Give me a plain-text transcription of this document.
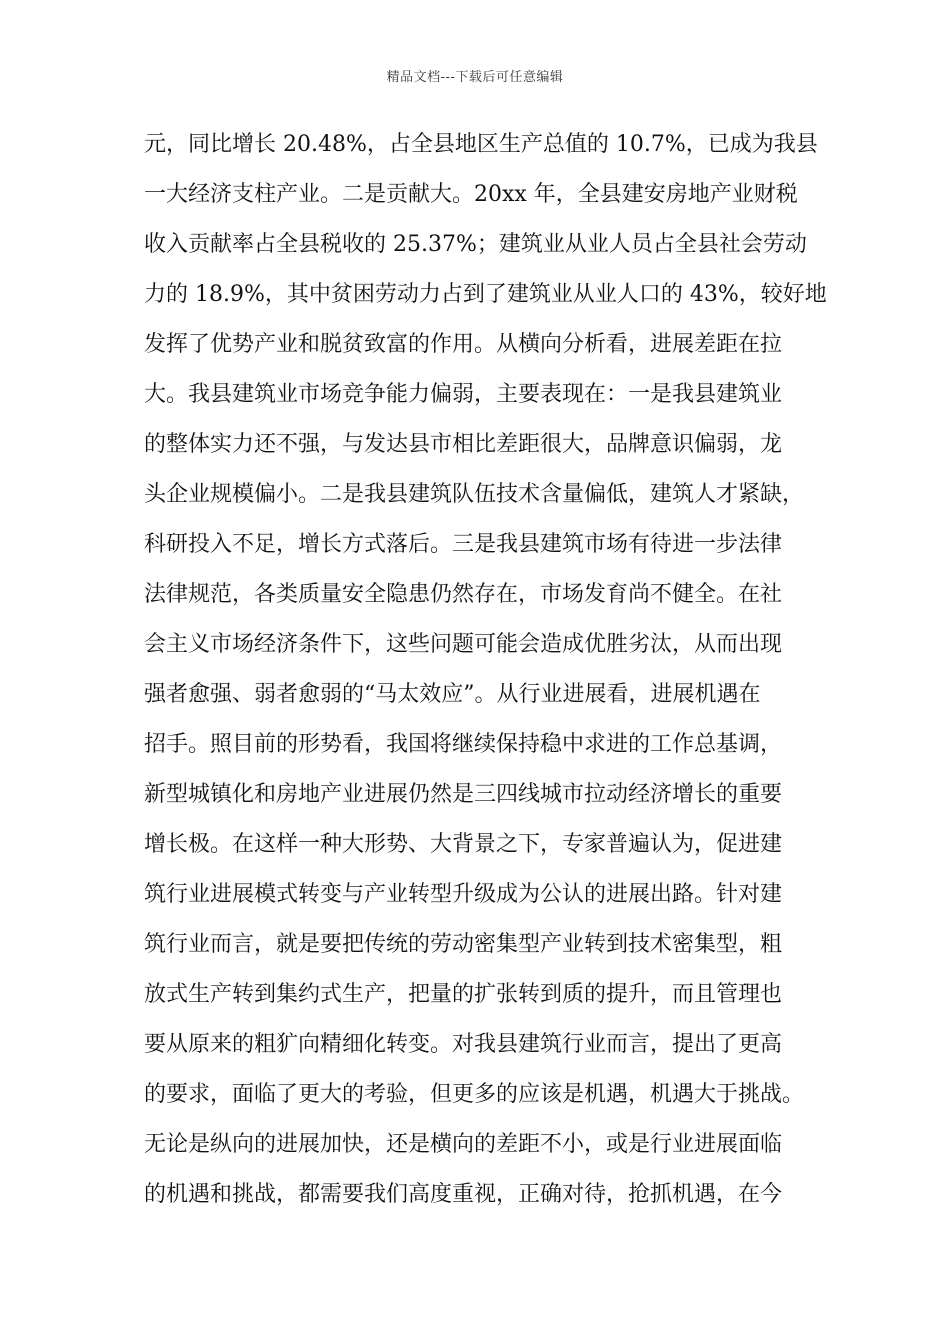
精品文档---下载后可任意编辑
元，同比增长 20.48%，占全县地区生产总值的 10.7%，已成为我县
一大经济支柱产业。二是贡献大。20xx 年，全县建安房地产业财税
收入贡献率占全县税收的 25.37%；建筑业从业人员占全县社会劳动
力的 18.9%，其中贫困劳动力占到了建筑业从业人口的 43%，较好地
发挥了优势产业和脱贫致富的作用。从横向分析看，进展差距在拉
大。我县建筑业市场竞争能力偏弱，主要表现在：一是我县建筑业
的整体实力还不强，与发达县市相比差距很大，品牌意识偏弱，龙
头企业规模偏小。二是我县建筑队伍技术含量偏低，建筑人才紧缺，
科研投入不足，增长方式落后。三是我县建筑市场有待进一步法律
法律规范，各类质量安全隐患仍然存在，市场发育尚不健全。在社
会主义市场经济条件下，这些问题可能会造成优胜劣汰，从而出现
强者愈强、弱者愈弱的“马太效应”。从行业进展看，进展机遇在
招手。照目前的形势看，我国将继续保持稳中求进的工作总基调，
新型城镇化和房地产业进展仍然是三四线城市拉动经济增长的重要
增长极。在这样一种大形势、大背景之下，专家普遍认为，促进建
筑行业进展模式转变与产业转型升级成为公认的进展出路。针对建
筑行业而言，就是要把传统的劳动密集型产业转到技术密集型，粗
放式生产转到集约式生产，把量的扩张转到质的提升，而且管理也
要从原来的粗犷向精细化转变。对我县建筑行业而言，提出了更高
的要求，面临了更大的考验，但更多的应该是机遇，机遇大于挑战。
无论是纵向的进展加快，还是横向的差距不小，或是行业进展面临
的机遇和挑战，都需要我们高度重视，正确对待，抢抓机遇，在今
